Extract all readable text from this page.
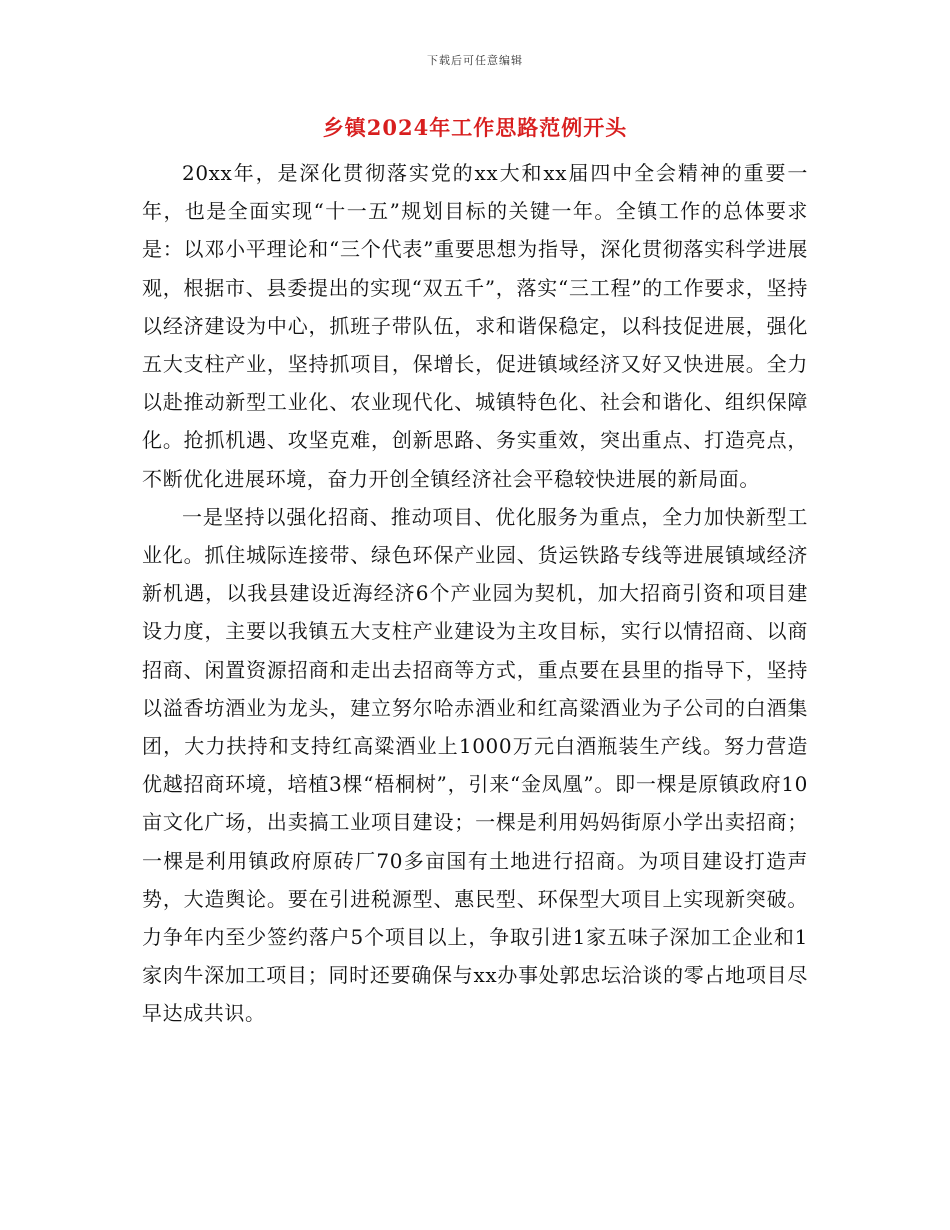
下载后可任意编辑
乡镇2024年工作思路范例开头

20xx年，是深化贯彻落实党的xx大和xx届四中全会精神的重要一年，也是全面实现“十一五”规划目标的关键一年。全镇工作的总体要求是：以邓小平理论和“三个代表”重要思想为指导，深化贯彻落实科学进展观，根据市、县委提出的实现“双五千”，落实“三工程”的工作要求，坚持以经济建设为中心，抓班子带队伍，求和谐保稳定，以科技促进展，强化五大支柱产业，坚持抓项目，保增长，促进镇域经济又好又快进展。全力以赴推动新型工业化、农业现代化、城镇特色化、社会和谐化、组织保障化。抢抓机遇、攻坚克难，创新思路、务实重效，突出重点、打造亮点，不断优化进展环境，奋力开创全镇经济社会平稳较快进展的新局面。

一是坚持以强化招商、推动项目、优化服务为重点，全力加快新型工业化。抓住城际连接带、绿色环保产业园、货运铁路专线等进展镇域经济新机遇，以我县建设近海经济6个产业园为契机，加大招商引资和项目建设力度，主要以我镇五大支柱产业建设为主攻目标，实行以情招商、以商招商、闲置资源招商和走出去招商等方式，重点要在县里的指导下，坚持以溢香坊酒业为龙头，建立努尔哈赤酒业和红高粱酒业为子公司的白酒集团，大力扶持和支持红高粱酒业上1000万元白酒瓶装生产线。努力营造优越招商环境，培植3棵“梧桐树”，引来“金凤凰”。即一棵是原镇政府10亩文化广场，出卖搞工业项目建设；一棵是利用妈妈街原小学出卖招商；一棵是利用镇政府原砖厂70多亩国有土地进行招商。为项目建设打造声势，大造舆论。要在引进税源型、惠民型、环保型大项目上实现新突破。力争年内至少签约落户5个项目以上，争取引进1家五味子深加工企业和1家肉牛深加工项目；同时还要确保与xx办事处郭忠坛洽谈的零占地项目尽早达成共识。
